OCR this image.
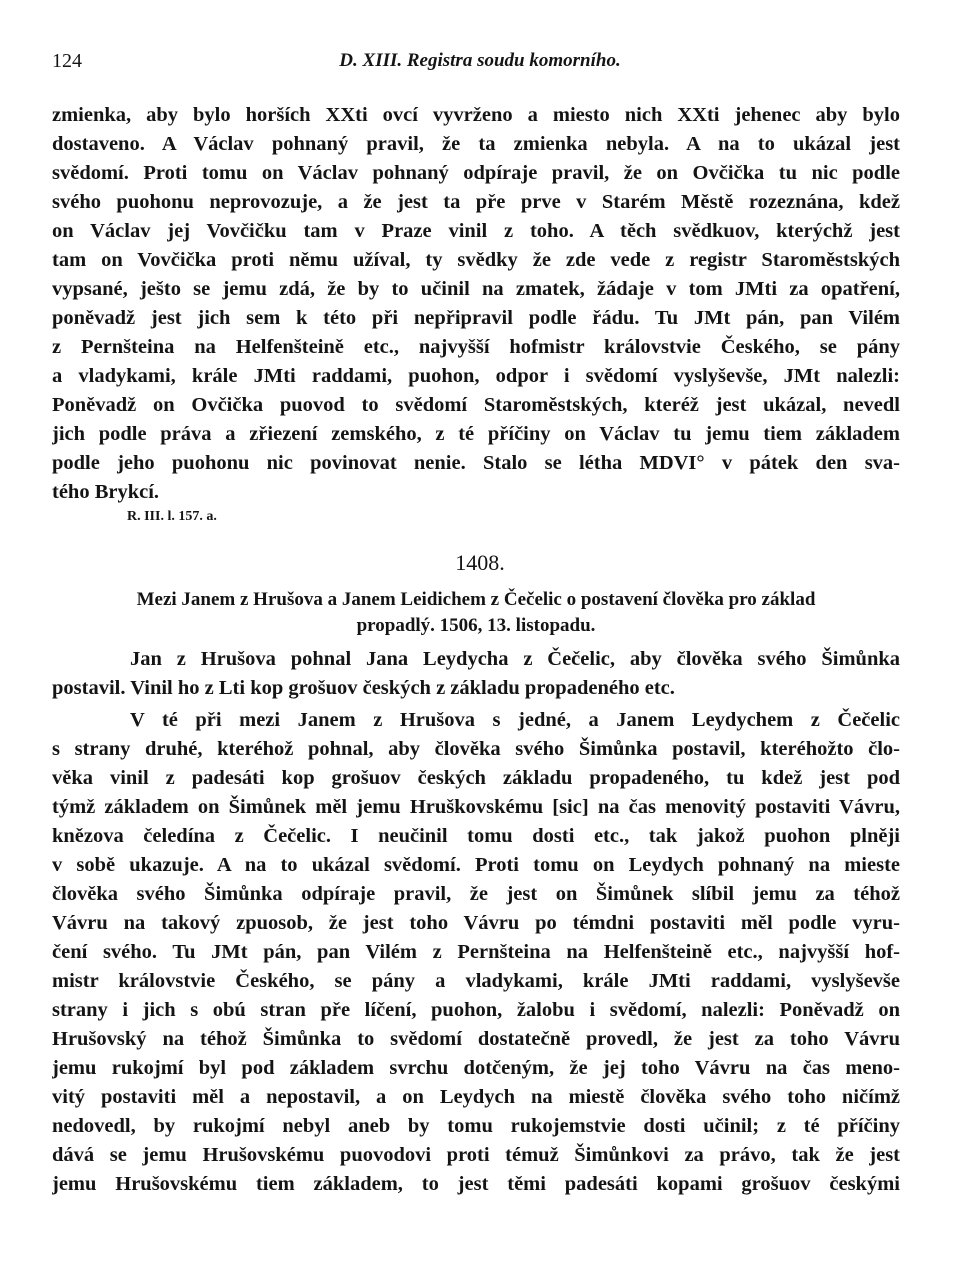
124	D. XIII. Registra soudu komorního.
zmienka, aby bylo horších XXti ovcí vyvrženo a miesto nich XXti jehenec aby bylo
dostaveno. A Václav pohnaný pravil, že ta zmienka nebyla. A na to ukázal jest
svědomí. Proti tomu on Václav pohnaný odpíraje pravil, že on Ovčička tu nic podle
svého puohonu neprovozuje, a že jest ta pře prve v Starém Městě rozeznána, kdež
on Václav jej Vovčičku tam v Praze vinil z toho. A těch svědkuov, kterýchž jest
tam on Vovčička proti němu užíval, ty svědky že zde vede z registr Staroměstských
vypsané, ješto se jemu zdá, že by to učinil na zmatek, žádaje v tom JMti za opatření,
poněvadž jest jich sem k této při nepřipravil podle řádu. Tu JMt pán, pan Vilém
z Pernšteina na Helfenšteině etc., najvyšší hofmistr královstvie Českého, se pány
a vladykami, krále JMti raddami, puohon, odpor i svědomí vyslyševše, JMt nalezli:
Poněvadž on Ovčička puovod to svědomí Staroměstských, kteréž jest ukázal, nevedl
jich podle práva a zřiezení zemského, z té příčiny on Václav tu jemu tiem základem
podle jeho puohonu nic povinovat nenie. Stalo se létha MDVI° v pátek den sva-
tého Brykcí.
R. III. l. 157. a.
1408.
Mezi Janem z Hrušova a Janem Leidichem z Čečelic o postavení člověka pro základ
propadlý. 1506, 13. listopadu.
Jan z Hrušova pohnal Jana Leydycha z Čečelic, aby člověka svého Šimůnka
postavil. Vinil ho z Lti kop grošuov českých z základu propadeného etc.
V té při mezi Janem z Hrušova s jedné, a Janem Leydychem z Čečelic
s strany druhé, kteréhož pohnal, aby člověka svého Šimůnka postavil, kteréhožto člo-
věka vinil z padesáti kop grošuov českých základu propadeného, tu kdež jest pod
týmž základem on Šimůnek měl jemu Hruškovskému [sic] na čas menovitý postaviti Vávru,
knězova čeledína z Čečelic. I neučinil tomu dosti etc., tak jakož puohon plněji
v sobě ukazuje. A na to ukázal svědomí. Proti tomu on Leydych pohnaný na mieste
člověka svého Šimůnka odpíraje pravil, že jest on Šimůnek slíbil jemu za téhož
Vávru na takový zpuosob, že jest toho Vávru po témdni postaviti měl podle vyru-
čení svého. Tu JMt pán, pan Vilém z Pernšteina na Helfenšteině etc., najvyšší hof-
mistr královstvie Českého, se pány a vladykami, krále JMti raddami, vyslyševše
strany i jich s obú stran pře líčení, puohon, žalobu i svědomí, nalezli: Poněvadž on
Hrušovský na téhož Šimůnka to svědomí dostatečně provedl, že jest za toho Vávru
jemu rukojmí byl pod základem svrchu dotčeným, že jej toho Vávru na čas meno-
vitý postaviti měl a nepostavil, a on Leydych na miestě člověka svého toho ničímž
nedovedl, by rukojmí nebyl aneb by tomu rukojemstvie dosti učinil; z té příčiny
dává se jemu Hrušovskému puovodovi proti témuž Šimůnkovi za právo, tak že jest
jemu Hrušovskému tiem základem, to jest těmi padesáti kopami grošuov českými
